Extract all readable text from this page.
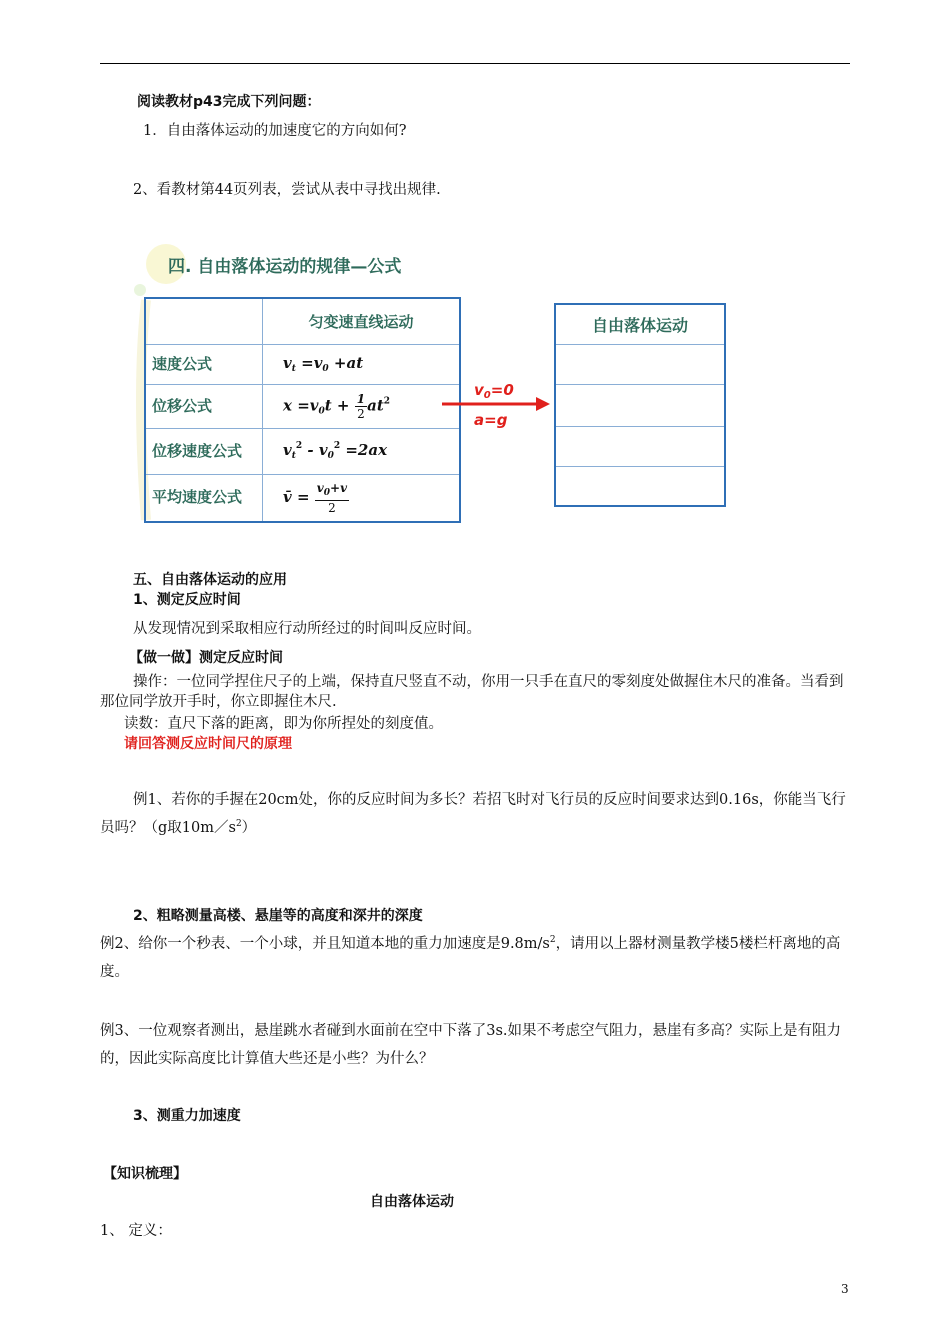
阅读教材p43完成下列问题：
1．自由落体运动的加速度它的方向如何?
2、看教材第44页列表，尝试从表中寻找出规律.
四. 自由落体运动的规律—公式
	匀变速直线运动
速度公式	$v_t =v_0 +at$
位移公式	$x =v_0t + \frac{1}{2} at^2$
位移速度公式	$v_t^2 - v_0^2 =2ax$
平均速度公式	v̄ = $\frac{v_0+v}{2}$
$v_0=0$
a=g
自由落体运动

五、自由落体运动的应用
1、测定反应时间
从发现情况到采取相应行动所经过的时间叫反应时间。
【做一做】测定反应时间
操作：一位同学捏住尺子的上端，保持直尺竖直不动，你用一只手在直尺的零刻度处做握住木尺的准备。当看到那位同学放开手时，你立即握住木尺.
读数：直尺下落的距离，即为你所捏处的刻度值。
请回答测反应时间尺的原理
例1、若你的手握在20cm处，你的反应时间为多长？若招飞时对飞行员的反应时间要求达到0.16s，你能当飞行员吗？（g取$10m/s^2$）
2、粗略测量高楼、悬崖等的高度和深井的深度
例2、给你一个秒表、一个小球，并且知道本地的重力加速度是$9.8m/s^2$，请用以上器材测量教学楼5楼栏杆离地的高度。
例3、一位观察者测出，悬崖跳水者碰到水面前在空中下落了3s.如果不考虑空气阻力，悬崖有多高？实际上是有阻力的，因此实际高度比计算值大些还是小些？为什么？
3、测重力加速度
【知识梳理】
自由落体运动
1、 定义：
3
